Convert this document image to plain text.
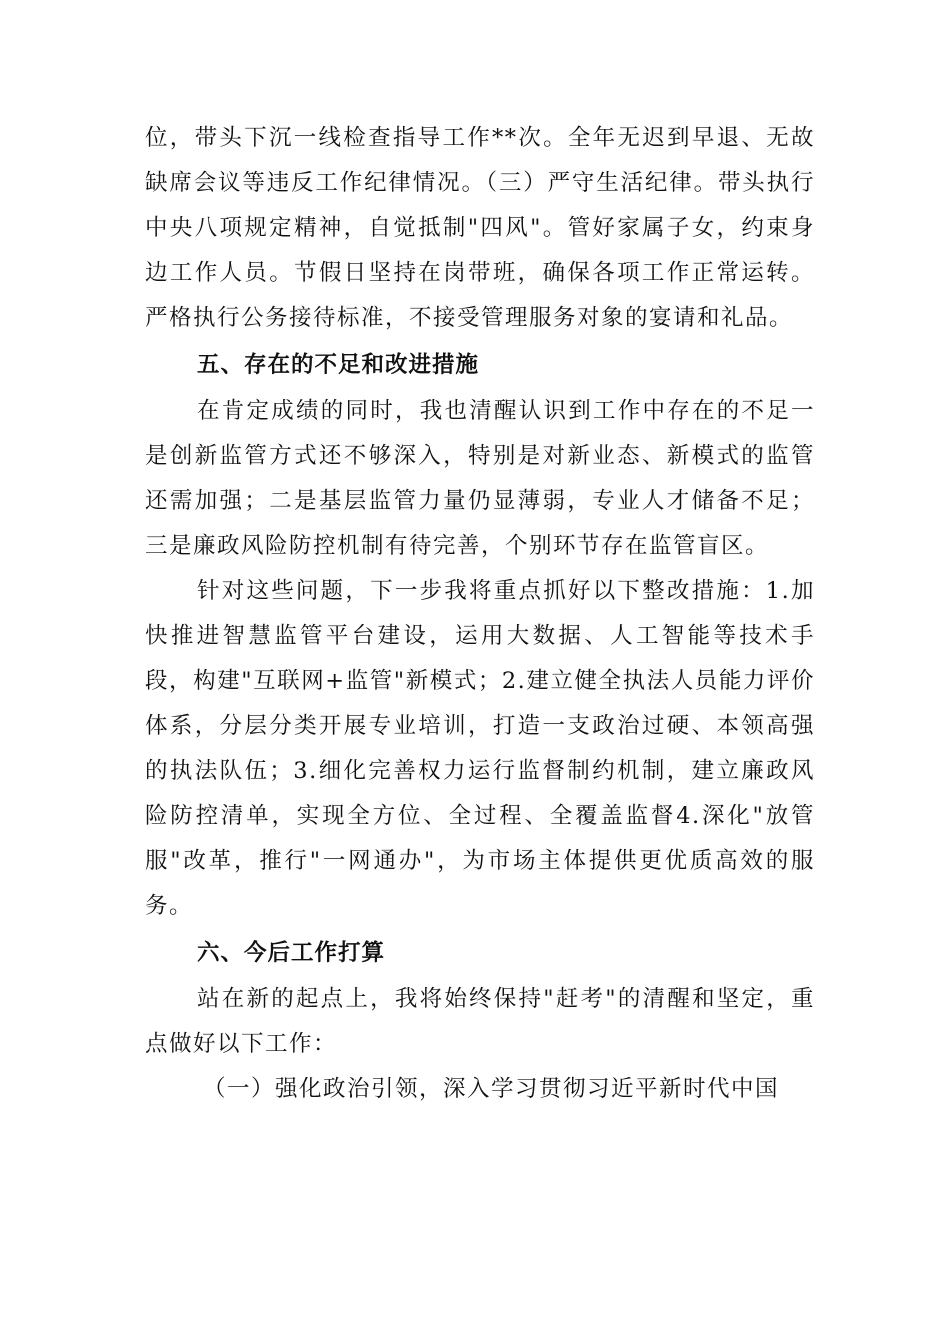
位，带头下沉一线检查指导工作**次。全年无迟到早退、无故缺席会议等违反工作纪律情况。（三）严守生活纪律。带头执行中央八项规定精神，自觉抵制"四风"。管好家属子女，约束身边工作人员。节假日坚持在岗带班，确保各项工作正常运转。严格执行公务接待标准，不接受管理服务对象的宴请和礼品。

五、存在的不足和改进措施

在肯定成绩的同时，我也清醒认识到工作中存在的不足一是创新监管方式还不够深入，特别是对新业态、新模式的监管还需加强；二是基层监管力量仍显薄弱，专业人才储备不足；三是廉政风险防控机制有待完善，个别环节存在监管盲区。

针对这些问题，下一步我将重点抓好以下整改措施：1.加快推进智慧监管平台建设，运用大数据、人工智能等技术手段，构建"互联网+监管"新模式；2.建立健全执法人员能力评价体系，分层分类开展专业培训，打造一支政治过硬、本领高强的执法队伍；3.细化完善权力运行监督制约机制，建立廉政风险防控清单，实现全方位、全过程、全覆盖监督4.深化"放管服"改革，推行"一网通办"，为市场主体提供更优质高效的服务。

六、今后工作打算

站在新的起点上，我将始终保持"赶考"的清醒和坚定，重点做好以下工作：

（一）强化政治引领，深入学习贯彻习近平新时代中国
